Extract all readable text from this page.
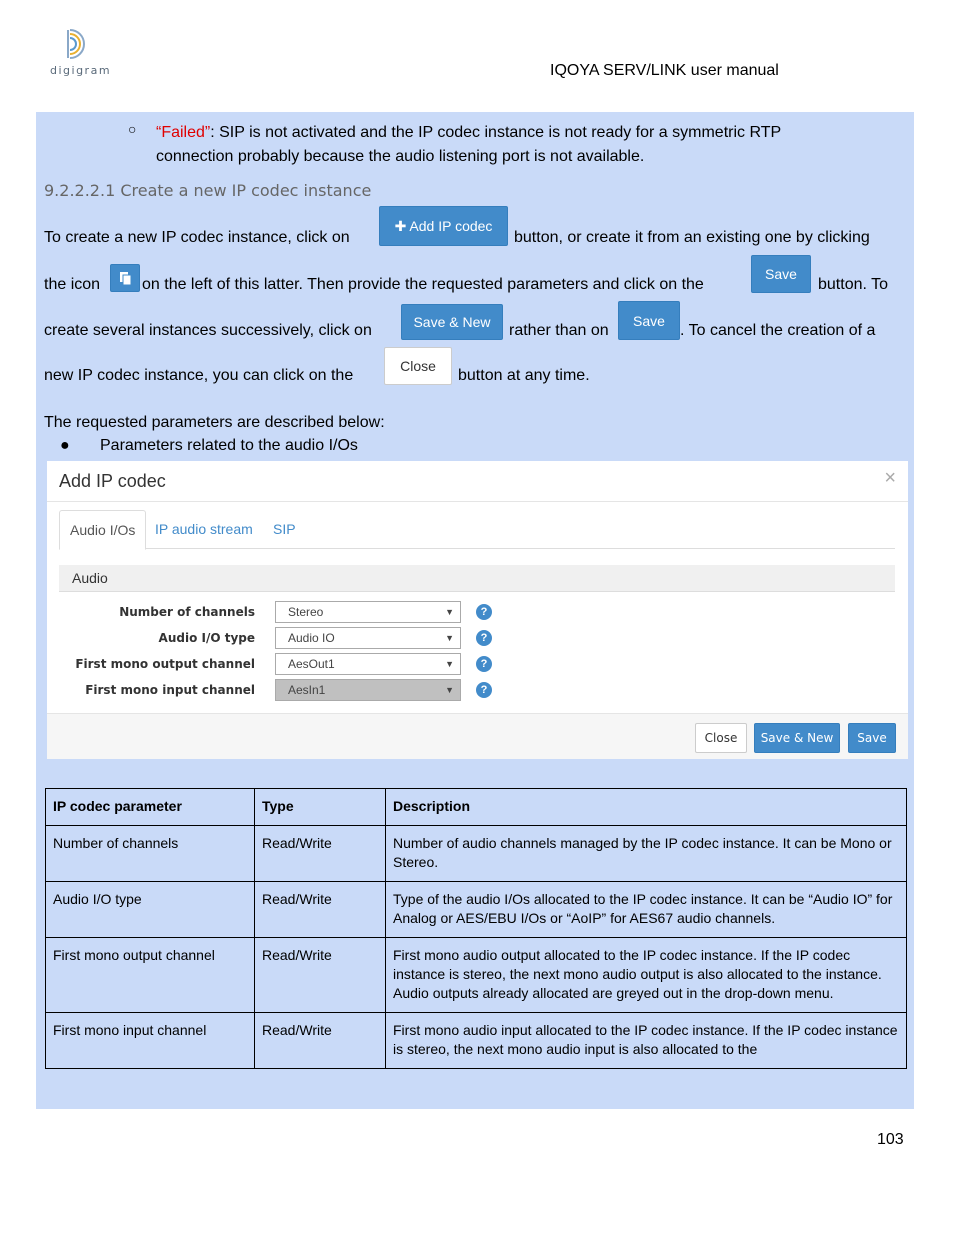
digigram	IQOYA SERV/LINK user manual
○ “Failed”: SIP is not activated and the IP codec instance is not ready for a symmetric RTP connection probably because the audio listening port is not available.
9.2.2.2.1 Create a new IP codec instance
To create a new IP codec instance, click on
✚ Add IP codec
button, or create it from an existing one by clicking
the icon	on the left of this latter. Then provide the requested parameters and click on the
Save
button. To
create several instances successively, click on	Save & New	rather than on
Save
. To cancel the creation of a
new IP codec instance, you can click on the
Close
button at any time.
The requested parameters are described below:
● Parameters related to the audio I/Os
Add IP codec	×
Audio I/Os	IP audio stream	SIP
Audio
Number of channels	Stereo	▼	?
Audio I/O type	Audio IO	▼	?
First mono output channel	AesOut1	▼	?
First mono input channel	AesIn1	▼	?
Close	Save & New	Save
IP codec parameter	Type	Description
Number of channels	Read/Write	Number of audio channels managed by the IP codec instance. It can be Mono or Stereo.
Audio I/O type	Read/Write	Type of the audio I/Os allocated to the IP codec instance. It can be “Audio IO” for Analog or AES/EBU I/Os or “AoIP” for AES67 audio channels.
First mono output channel	Read/Write	First mono audio output allocated to the IP codec instance. If the IP codec instance is stereo, the next mono audio output is also allocated to the instance. Audio outputs already allocated are greyed out in the drop-down menu.
First mono input channel	Read/Write	First mono audio input allocated to the IP codec instance. If the IP codec instance is stereo, the next mono audio input is also allocated to the
103
